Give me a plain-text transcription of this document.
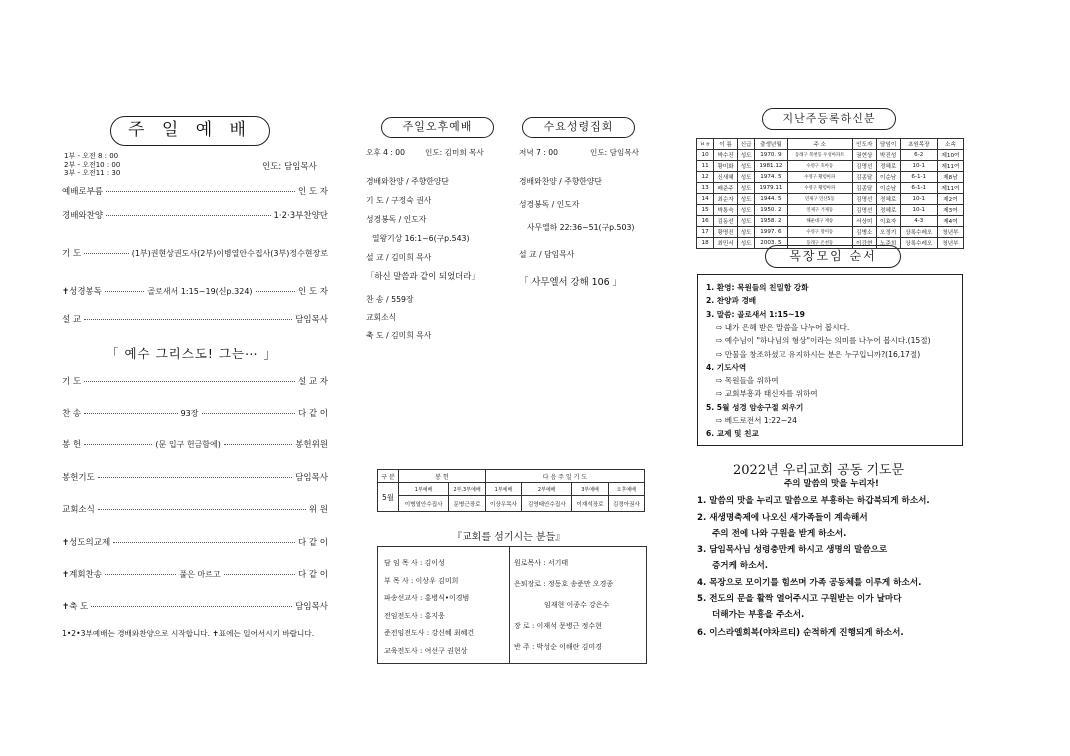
주 일 예 배
1부 - 오전 8 : 00
2부 - 오전10 : 00
3부 - 오전11 : 30
인도: 담임목사
예배로부름	인 도 자
경배와찬양	1·2·3부찬양단
기 도	(1부)권현상권도사(2부)이병열안수집사(3부)정수현장로
✝성경봉독	골로새서 1:15~19(신p.324)	인 도 자
설 교	담임목사
기 도	설 교 자
찬 송	93장	다 같 이
봉 헌	(문 입구 헌금함에)	봉헌위원
봉헌기도	담임목사
교회소식	위 원
✝성도의교제	다 같 이
✝계회찬송	풀은 마르고	다 같 이
✝축 도	담임목사
「 예수 그리스도! 그는⋯ 」
1•2•3부예배는 경배와찬양으로 시작합니다. ✝표에는 일어서시기 바랍니다.
주일오후예배	수요성령집회
오후 4 : 00	인도: 김미희 목사	저녁 7 : 00	인도: 담임목사
경배와찬양 / 주향한양단
기 도 / 구정숙 권사
성경봉독 / 인도자
열왕기상 16:1~6(구p.543)
설 교 / 김미희 목사
「하신 말씀과 같이 되었더라」
찬 송 / 559장
교회소식
축 도 / 김미희 목사
경배와찬양 / 주향한양단
성경봉독 / 인도자
사무엘하 22:36~51(구p.503)
설 교 / 담임목사
「 사무엘서 강해 106 」
구 분	봉 헌		다 음 주 일 기 도			
5월	1부예배	2부,3부예배	1부예배	2부예배	3부예배	오후예배
	이병열안수집사	문병근장로	이상우목사	김영태안수집사	이재석장로	김경아권사
『교회를 섬기시는 분들』
담 임 목 사 : 김이성
부 목 사 : 이상우 김미희
파송선교사 : 홍병식•이경범
전임전도사 : 홍지웅
준전임전도사 : 강신혜 최혜건
교육전도사 : 여선구 권현상
원로목사 : 서기태
은퇴장로 : 정동호 송준만 오경종
임재현 이종수 강은수
장 로 : 이재석 문병근 정수현
반 주 : 박성순 이해란 김미경
지난주등록하신분
ㅂㅎ	이 름	신급	출생년월	주 소	인도자	담임이	초원목장	소속
10	박수진	성도	1970. 9	동래구 복천동 우성아파트	권현상	박진성	6-2	제10여
11	황미화	성도	1981.12	수영구 호아동	김명선	정혜로	10-1	제11여
12	신새혜	성도	1974. 5	수영구 황령아파	김종달	이순남	6-1-1	제8남
13	배준주	성도	1979.11	수영구 황령아파	김종달	이순남	6-1-1	제11여
14	최순자	성도	1944. 5	연제구 연산5동	김명선	정혜로	10-1	제2여
15	박통숙	성도	1950. 2	연제구 거제동	김명선	정혜로	10-1	제3여
16	김동선	성도	1958. 2	해운대구 재송	서상미	이효자	4-3	제4여
17	황명진	성도	1997. 6	수영구 망미동	김병소	오정기	상록수레오	청년부
18	최민서	성도	2003. 5	동래구 온천동	이강현	노준희	상록수레오	청년부
목장모임 순서
1. 환영: 목원들의 친밀함 강화
2. 찬양과 경배
3. 말씀: 골로새서 1:15~19
⇨ 내가 은혜 받은 말씀을 나누어 봅시다.
⇨ 예수님이 "하나님의 형상"이라는 의미를 나누어 봅시다.(15절)
⇨ 만물을 창조하셨고 유지하시는 분은 누구입니까?(16,17절)
4. 기도사역
⇨ 목원들을 위하여
⇨ 교회부흥과 태신자를 위하여
5. 5월 성경 암송구절 외우기
⇨ 베드로전서 1:22~24
6. 교제 및 친교
2022년 우리교회 공동 기도문
주의 말씀의 맛을 누리자!
1. 말씀의 맛을 누리고 말씀으로 부흥하는 하갑북되게 하소서.
2. 새생명축제에 나오신 새가족들이 계속해서
주의 전에 나와 구원을 받게 하소서.
3. 담임목사님 성령충만케 하시고 생명의 말씀으로
증거케 하소서.
4. 목장으로 모이기를 힘쓰며 가족 공동체를 이루게 하소서.
5. 전도의 문을 활짝 열어주시고 구원받는 이가 날마다
더해가는 부흥을 주소서.
6. 이스라엘회복(야차르티) 순적하게 진행되게 하소서.
